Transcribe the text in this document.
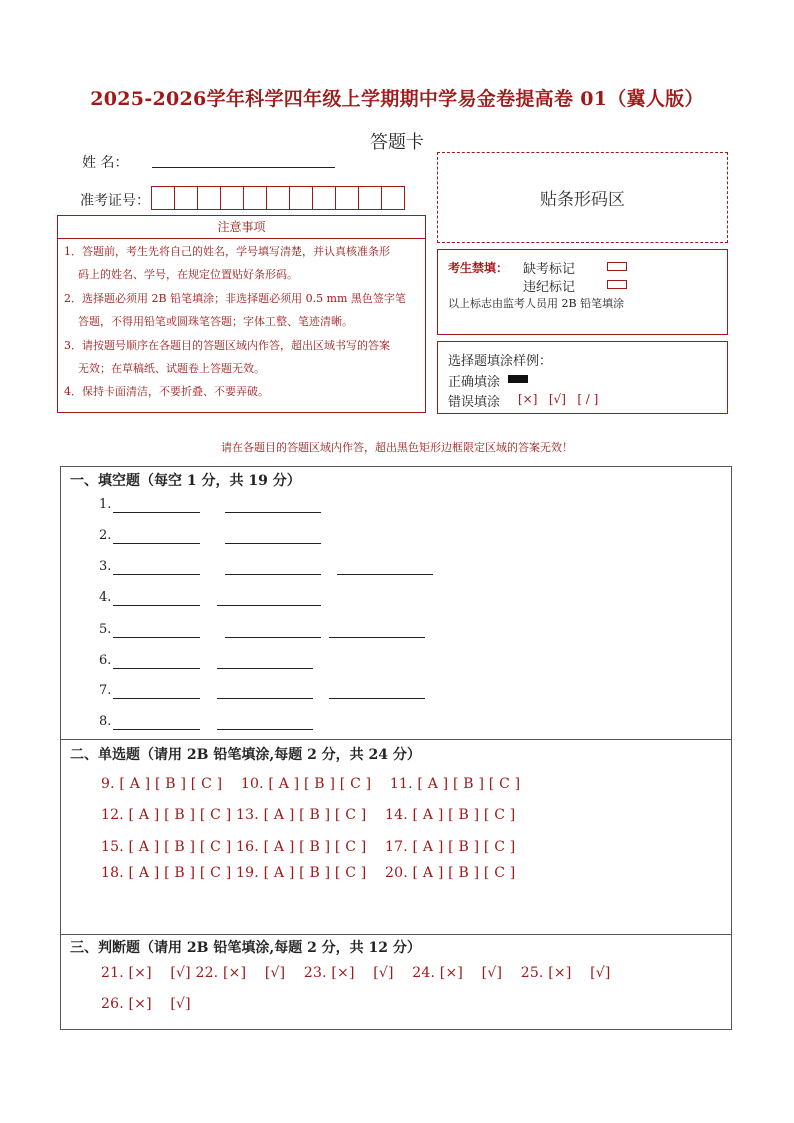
2025-2026学年科学四年级上学期期中学易金卷提高卷 01（冀人版）
答题卡
姓 名：
准考证号：
注意事项
1．答题前，考生先将自己的姓名，学号填写清楚，并认真核准条形
码上的姓名、学号，在规定位置贴好条形码。
2．选择题必须用 2B 铅笔填涂；非选择题必须用 0.5 mm 黑色签字笔
答题，不得用铅笔或圆珠笔答题；字体工整、笔迹清晰。
3．请按题号顺序在各题目的答题区域内作答，超出区域书写的答案
无效；在草稿纸、试题卷上答题无效。
4．保持卡面清洁，不要折叠、不要弄破。
贴条形码区
考生禁填： 缺考标记
违纪标记
以上标志由监考人员用 2B 铅笔填涂
选择题填涂样例：
正确填涂
错误填涂 [×]   [√]   [ / ]
请在各题目的答题区域内作答，超出黑色矩形边框限定区域的答案无效！
一、填空题（每空 1 分，共 19 分）
1.
2.
3.
4.
5.
6.
7.
8.
二、单选题（请用 2B 铅笔填涂,每题 2 分，共 24 分）
9. [ A ] [ B ] [ C ]    10. [ A ] [ B ] [ C ]    11. [ A ] [ B ] [ C ]
12. [ A ] [ B ] [ C ] 13. [ A ] [ B ] [ C ]    14. [ A ] [ B ] [ C ]
15. [ A ] [ B ] [ C ] 16. [ A ] [ B ] [ C ]    17. [ A ] [ B ] [ C ]
18. [ A ] [ B ] [ C ] 19. [ A ] [ B ] [ C ]    20. [ A ] [ B ] [ C ]
三、判断题（请用 2B 铅笔填涂,每题 2 分，共 12 分）
21. [×]    [√] 22. [×]    [√]    23. [×]    [√]    24. [×]    [√]    25. [×]    [√]
26. [×]    [√]
